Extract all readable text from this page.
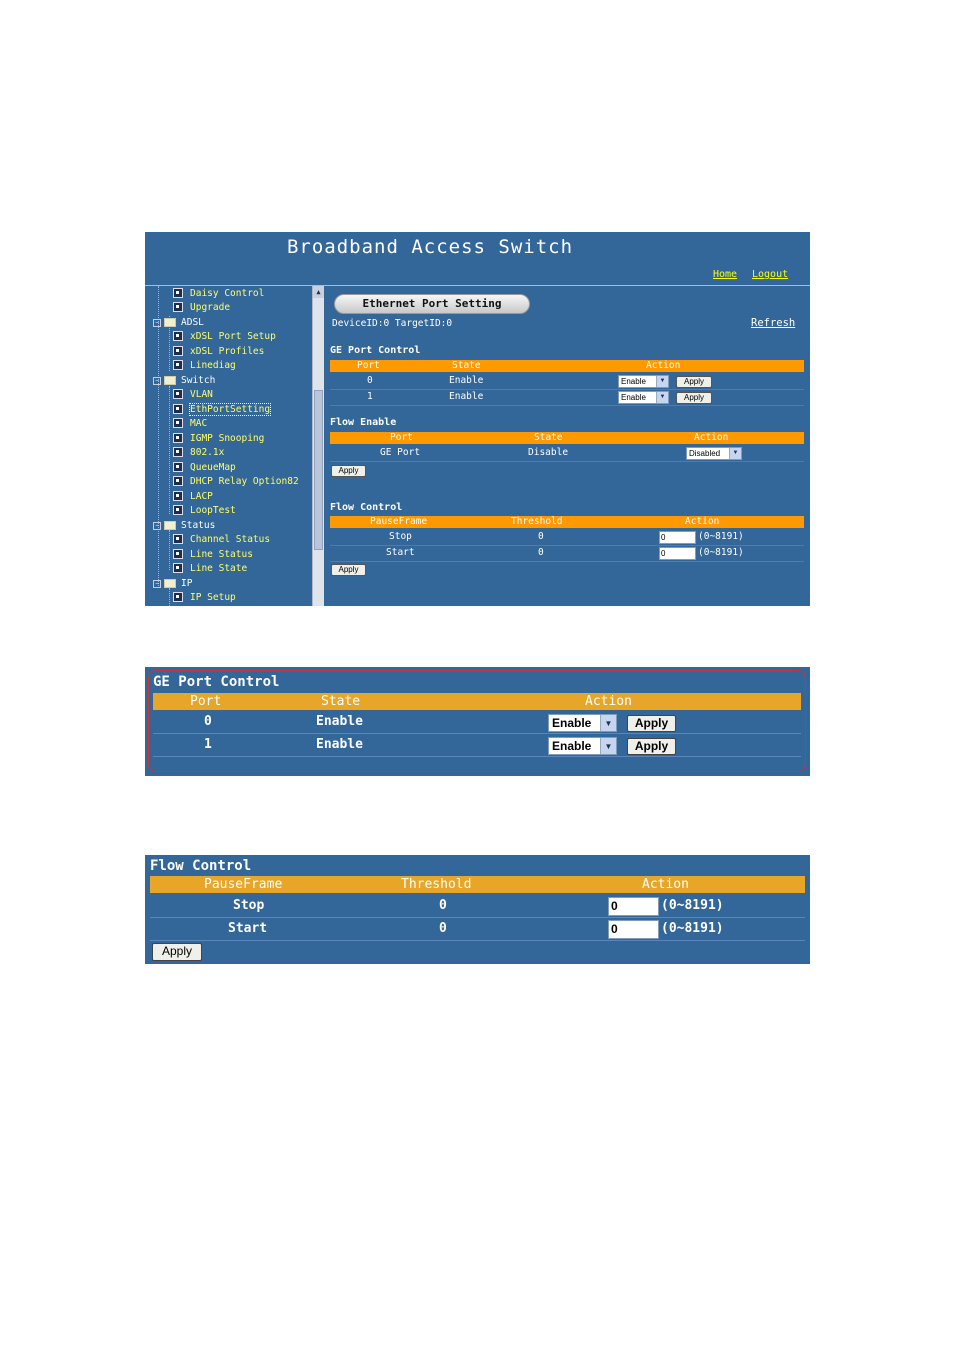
Broadband Access Switch
Home Logout
Daisy Control
Upgrade
− ADSL
xDSL Port Setup
xDSL Profiles
Linediag
− Switch
VLAN
EthPortSetting
MAC
IGMP Snooping
802.1x
QueueMap
DHCP Relay Option82
LACP
LoopTest
− Status
Channel Status
Line Status
Line State
− IP
IP Setup
▲
Ethernet Port Setting
DeviceID:0 TargetID:0	Refresh
GE Port Control
Port	State	Action
0	Enable	Enable	▼	Apply
1	Enable	Enable	▼	Apply
Flow Enable
Port	State	Action
GE Port	Disable	Disabled	▼
Apply
Flow Control
PauseFrame	Threshold	Action
Stop	0	0	(0~8191)
Start	0	0	(0~8191)
Apply
GE Port Control
Port	State	Action
0	Enable	Enable	▼	Apply
1	Enable	Enable	▼	Apply
Flow Control
PauseFrame	Threshold	Action
Stop	0	0	(0~8191)
Start	0	0	(0~8191)
Apply
